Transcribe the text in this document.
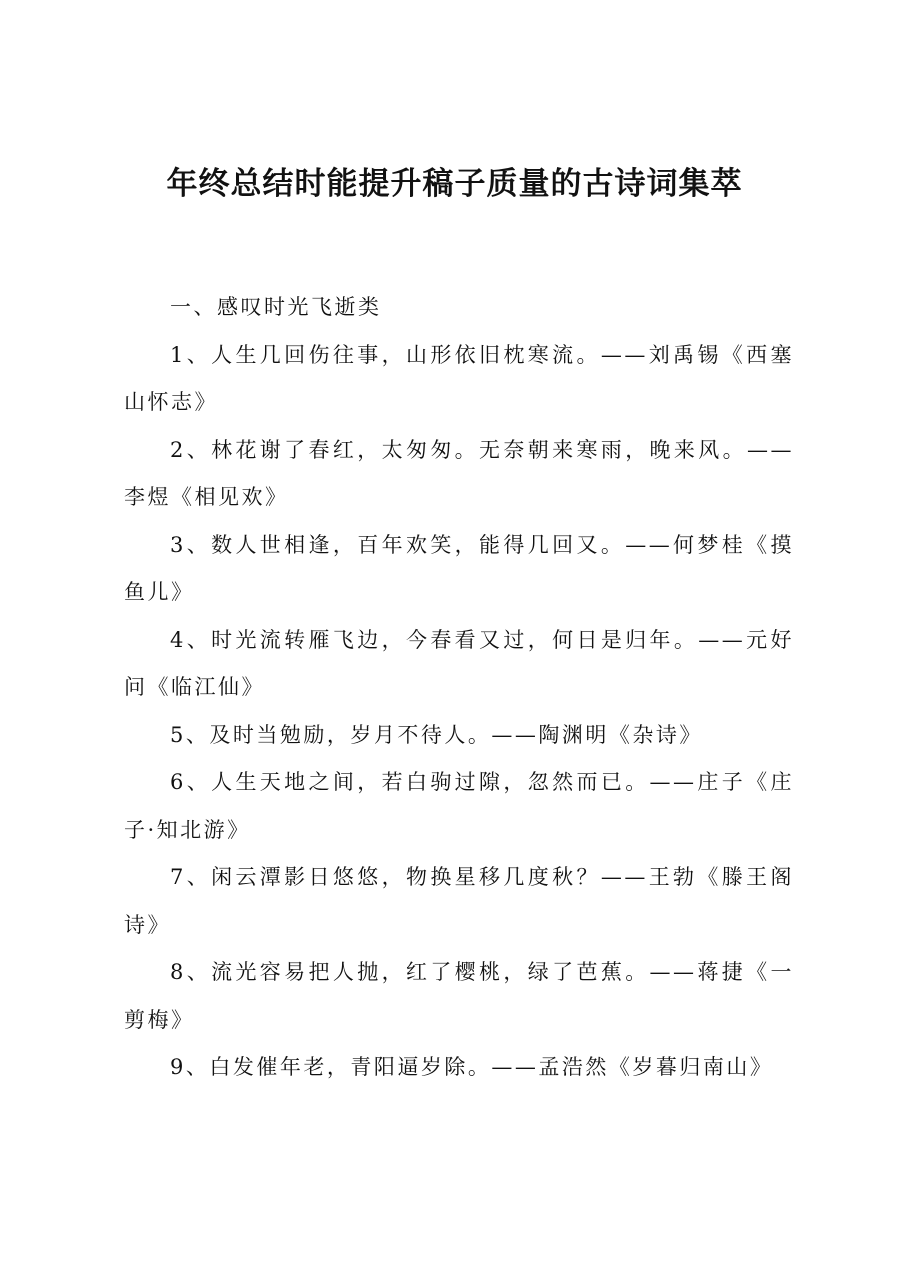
年终总结时能提升稿子质量的古诗词集萃

一、感叹时光飞逝类

1、人生几回伤往事，山形依旧枕寒流。——刘禹锡《西塞山怀志》

2、林花谢了春红，太匆匆。无奈朝来寒雨，晚来风。——李煜《相见欢》

3、数人世相逢，百年欢笑，能得几回又。——何梦桂《摸鱼儿》

4、时光流转雁飞边，今春看又过，何日是归年。——元好问《临江仙》

5、及时当勉励，岁月不待人。——陶渊明《杂诗》

6、人生天地之间，若白驹过隙，忽然而已。——庄子《庄子·知北游》

7、闲云潭影日悠悠，物换星移几度秋？——王勃《滕王阁诗》

8、流光容易把人抛，红了樱桃，绿了芭蕉。——蒋捷《一剪梅》

9、白发催年老，青阳逼岁除。——孟浩然《岁暮归南山》
